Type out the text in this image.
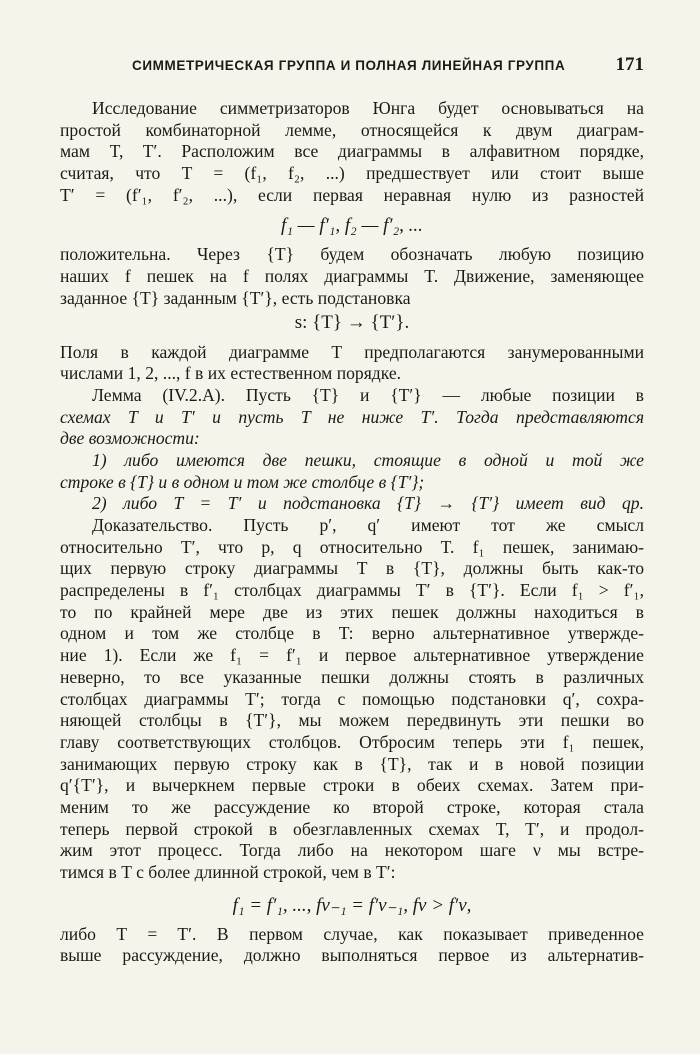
СИММЕТРИЧЕСКАЯ ГРУППА И ПОЛНАЯ ЛИНЕЙНАЯ ГРУППА	171
Исследование симметризаторов Юнга будет основываться на
простой комбинаторной лемме, относящейся к двум диаграм-
мам T, T′. Расположим все диаграммы в алфавитном порядке,
считая, что T = (f₁, f₂, ...) предшествует или стоит выше
T′ = (f′₁, f′₂, ...), если первая неравная нулю из разностей
f₁ — f′₁, f₂ — f′₂, ...
положительна. Через {T} будем обозначать любую позицию
наших f пешек на f полях диаграммы T. Движение, заменяющее
заданное {T} заданным {T′}, есть подстановка
s: {T} → {T′}.
Поля в каждой диаграмме T предполагаются занумерованными
числами 1, 2, ..., f в их естественном порядке.
Лемма (IV.2.A). Пусть {T} и {T′} — любые позиции в
схемах T и T′ и пусть T не ниже T′. Тогда представляются
две возможности:
1) либо имеются две пешки, стоящие в одной и той же
строке в {T} и в одном и том же столбце в {T′};
2) либо T = T′ и подстановка {T} → {T′} имеет вид qp.
Доказательство. Пусть p′, q′ имеют тот же смысл
относительно T′, что p, q относительно T. f₁ пешек, занимаю-
щих первую строку диаграммы T в {T}, должны быть как-то
распределены в f′₁ столбцах диаграммы T′ в {T′}. Если f₁ > f′₁,
то по крайней мере две из этих пешек должны находиться в
одном и том же столбце в T: верно альтернативное утвержде-
ние 1). Если же f₁ = f′₁ и первое альтернативное утверждение
неверно, то все указанные пешки должны стоять в различных
столбцах диаграммы T′; тогда с помощью подстановки q′, сохра-
няющей столбцы в {T′}, мы можем передвинуть эти пешки во
главу соответствующих столбцов. Отбросим теперь эти f₁ пешек,
занимающих первую строку как в {T}, так и в новой позиции
q′{T′}, и вычеркнем первые строки в обеих схемах. Затем при-
меним то же рассуждение ко второй строке, которая стала
теперь первой строкой в обезглавленных схемах T, T′, и продол-
жим этот процесс. Тогда либо на некотором шаге ν мы встре-
тимся в T с более длинной строкой, чем в T′:
f₁ = f′₁, ..., fν₋₁ = f′ν₋₁, fν > f′ν,
либо T = T′. В первом случае, как показывает приведенное
выше рассуждение, должно выполняться первое из альтернатив-
